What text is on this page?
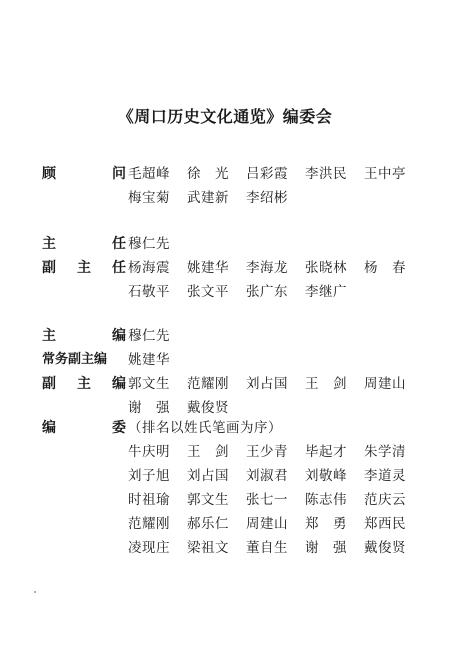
《周口历史文化通览》编委会
顾	问 毛超峰	徐　光	吕彩霞	李洪民	王中亭
梅宝菊	武建新	李绍彬
主	任 穆仁先
副 主 任 杨海震	姚建华	李海龙	张晓林	杨　春
石敬平	张文平	张广东	李继广
主	编 穆仁先
常务副主编	姚建华
副 主 编 郭文生	范耀刚	刘占国	王　剑	周建山
谢　强	戴俊贤
编	委 （排名以姓氏笔画为序）
牛庆明	王　剑	王少青	毕起才	朱学清
刘子旭	刘占国	刘淑君	刘敬峰	李道灵
时祖瑜	郭文生	张七一	陈志伟	范庆云
范耀刚	郝乐仁	周建山	郑　勇	郑西民
凌现庄	梁祖文	董自生	谢　强	戴俊贤
